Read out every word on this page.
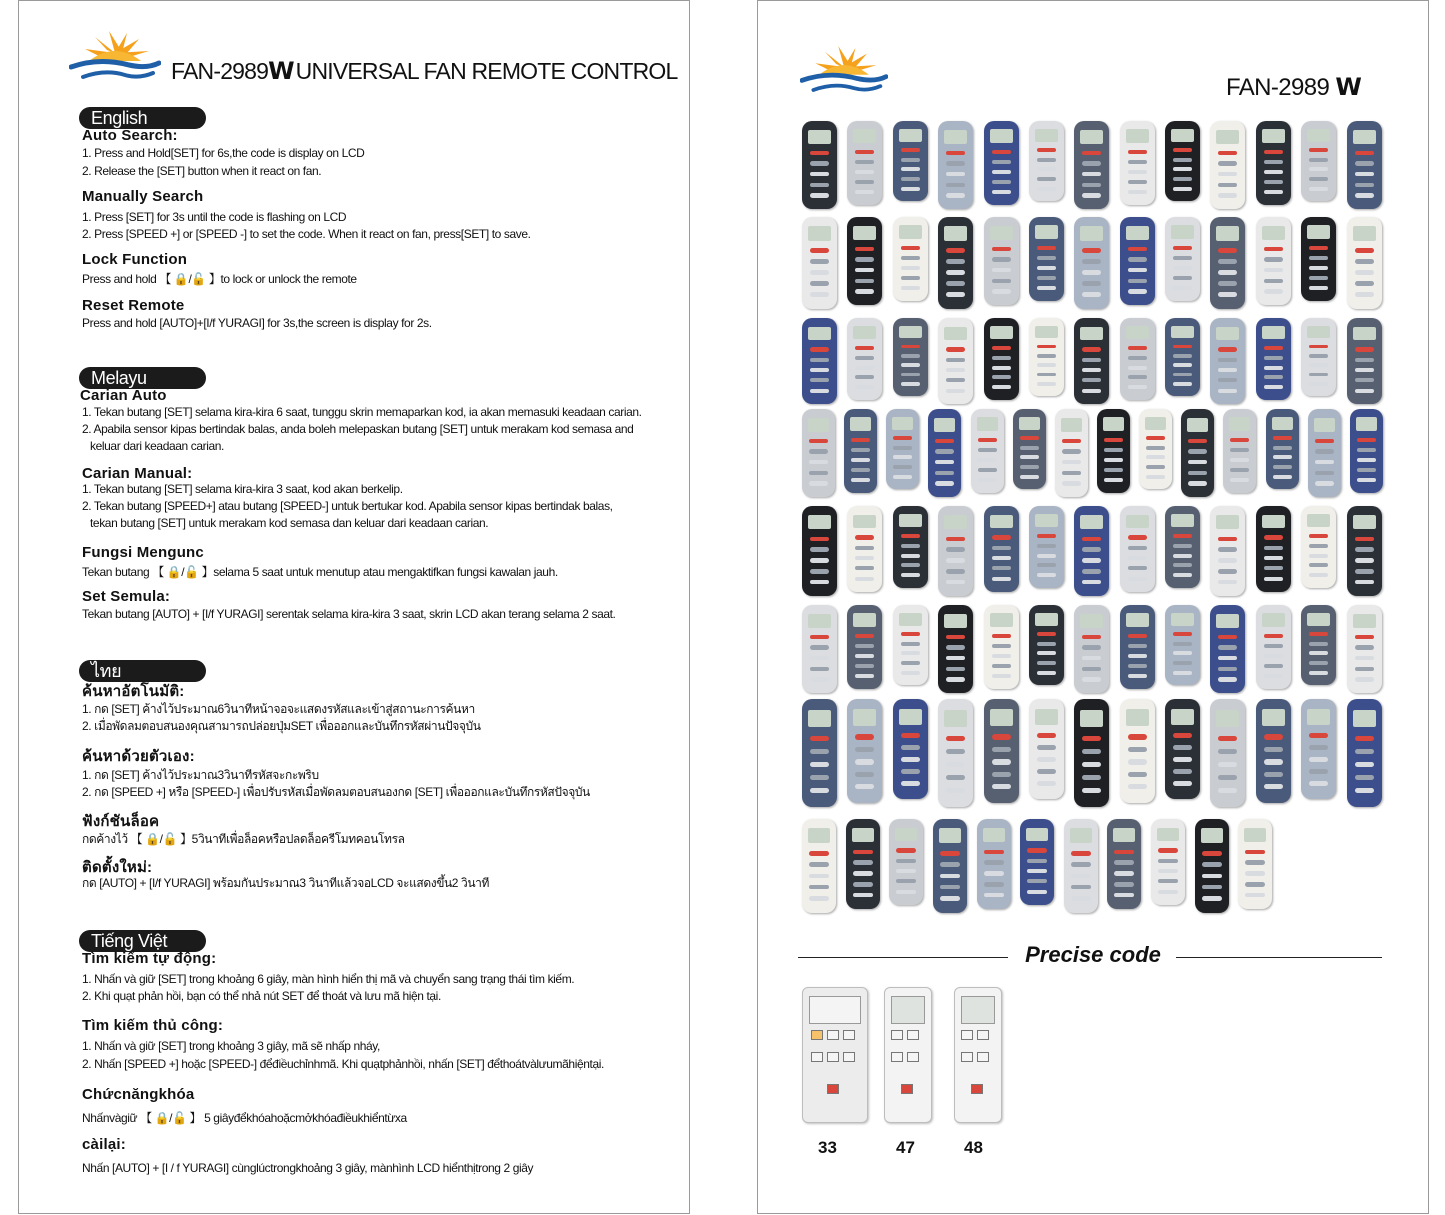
FAN-2989W UNIVERSAL FAN REMOTE CONTROL
English
Auto Search:
1. Press and Hold[SET] for 6s,the code is display on LCD
2. Release the [SET] button when it react on fan.
Manually Search
1. Press [SET] for 3s until the code is flashing on LCD
2. Press [SPEED +] or [SPEED -] to set the code. When it react on fan, press[SET] to save.
Lock Function
Press and hold 【 🔒/🔓 】to lock or unlock the remote
Reset Remote
Press and hold [AUTO]+[I/f YURAGI] for 3s,the screen is display for 2s.
Melayu
Carian Auto
1. Tekan butang [SET] selama kira-kira 6 saat, tunggu skrin memaparkan kod, ia akan memasuki keadaan carian.
2. Apabila sensor kipas bertindak balas, anda boleh melepaskan butang [SET] untuk merakam kod semasa and
keluar dari keadaan carian.
Carian Manual:
1. Tekan butang [SET] selama kira-kira 3 saat, kod akan berkelip.
2. Tekan butang [SPEED+] atau butang [SPEED-] untuk bertukar kod. Apabila sensor kipas bertindak balas,
tekan butang [SET] untuk merakam kod semasa dan keluar dari keadaan carian.
Fungsi Mengunc
Tekan butang 【 🔒/🔓 】selama 5 saat untuk menutup atau mengaktifkan fungsi kawalan jauh.
Set Semula:
Tekan butang [AUTO] + [I/f YURAGI] serentak selama kira-kira 3 saat, skrin LCD akan terang selama 2 saat.
ไทย
ค้นหาอัตโนมัติ:
1. กด [SET] ค้างไว้ประมาณ6วินาทีหน้าจอจะแสดงรหัสและเข้าสู่สถานะการค้นหา
2. เมื่อพัดลมตอบสนองคุณสามารถปล่อยปุ่มSET เพื่อออกและบันทึกรหัสผ่านปัจจุบัน
ค้นหาด้วยตัวเอง:
1. กด [SET] ค้างไว้ประมาณ3วินาทีรหัสจะกะพริบ
2. กด [SPEED +] หรือ [SPEED-] เพื่อปรับรหัสเมื่อพัดลมตอบสนองกด [SET] เพื่อออกและบันทึกรหัสปัจจุบัน
ฟังก์ชันล็อค
กดค้างไว้ 【 🔒/🔓 】5วินาทีเพื่อล็อคหรือปลดล็อครีโมทคอนโทรล
ติดตั้งใหม่:
กด [AUTO] + [I/f YURAGI] พร้อมกันประมาณ3 วินาทีแล้วจอLCD จะแสดงขึ้น2 วินาที
Tiếng Việt
Tìm kiếm tự động:
1. Nhấn và giữ [SET] trong khoảng 6 giây, màn hình hiển thị mã và chuyển sang trạng thái tìm kiếm.
2. Khi quạt phản hồi, bạn có thể nhả nút SET để thoát và lưu mã hiện tại.
Tìm kiếm thủ công:
1. Nhấn và giữ [SET] trong khoảng 3 giây, mã sẽ nhấp nháy,
2. Nhấn [SPEED +] hoặc [SPEED-] đểđiềuchỉnhmã. Khi quạtphảnhồi, nhấn [SET] đểthoátvàlưumãhiệntại.
Chứcnăngkhóa
Nhấnvàgiữ 【 🔒/🔓 】 5 giâyđểkhóahoặcmởkhóađiềukhiểntừxa
càilại:
Nhấn [AUTO] + [I / f YURAGI] cùnglúctrongkhoảng 3 giây, mànhình LCD hiểnthịtrong 2 giây
FAN-2989 W
Precise code
33	47	48
